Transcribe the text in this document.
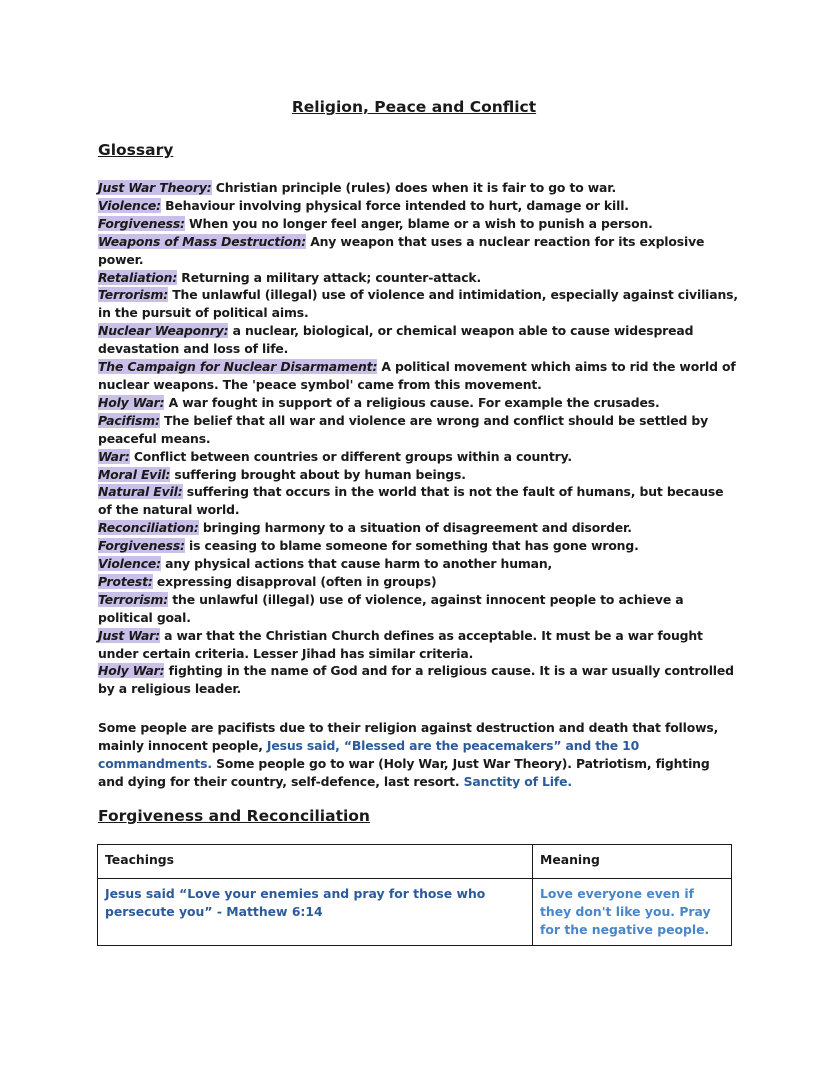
Religion, Peace and Conflict
Glossary

Just War Theory: Christian principle (rules) does when it is fair to go to war.

Violence: Behaviour involving physical force intended to hurt, damage or kill.

Forgiveness: When you no longer feel anger, blame or a wish to punish a person.

Weapons of Mass Destruction: Any weapon that uses a nuclear reaction for its explosive power.

Retaliation: Returning a military attack; counter-attack.

Terrorism: The unlawful (illegal) use of violence and intimidation, especially against civilians, in the pursuit of political aims.

Nuclear Weaponry: a nuclear, biological, or chemical weapon able to cause widespread devastation and loss of life.

The Campaign for Nuclear Disarmament: A political movement which aims to rid the world of nuclear weapons. The 'peace symbol' came from this movement.

Holy War: A war fought in support of a religious cause. For example the crusades.

Pacifism: The belief that all war and violence are wrong and conflict should be settled by peaceful means.

War: Conflict between countries or different groups within a country.

Moral Evil: suffering brought about by human beings.

Natural Evil: suffering that occurs in the world that is not the fault of humans, but because of the natural world.

Reconciliation: bringing harmony to a situation of disagreement and disorder.

Forgiveness: is ceasing to blame someone for something that has gone wrong.

Violence: any physical actions that cause harm to another human,

Protest: expressing disapproval (often in groups)

Terrorism: the unlawful (illegal) use of violence, against innocent people to achieve a political goal.

Just War: a war that the Christian Church defines as acceptable. It must be a war fought under certain criteria. Lesser Jihad has similar criteria.

Holy War: fighting in the name of God and for a religious cause. It is a war usually controlled by a religious leader.

Some people are pacifists due to their religion against destruction and death that follows, mainly innocent people, Jesus said, “Blessed are the peacemakers” and the 10 commandments. Some people go to war (Holy War, Just War Theory). Patriotism, fighting and dying for their country, self-defence, last resort. Sanctity of Life.
Forgiveness and Reconciliation
Teachings	Meaning
Jesus said “Love your enemies and pray for those who persecute you” - Matthew 6:14	Love everyone even if they don't like you. Pray for the negative people.
